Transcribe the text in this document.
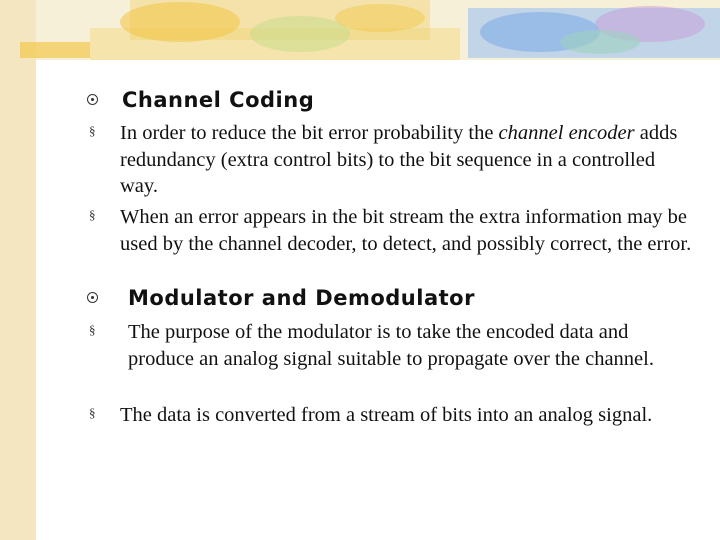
Channel Coding
In order to reduce the bit error probability the channel encoder adds redundancy (extra control bits) to the bit sequence in a controlled way.
When an error appears in the bit stream the extra information may be used by the channel decoder, to detect, and possibly correct, the error.
Modulator and Demodulator
The purpose of the modulator is to take the encoded data and produce an analog signal suitable to propagate over the channel.
The data is converted from a stream of bits into an analog signal.
